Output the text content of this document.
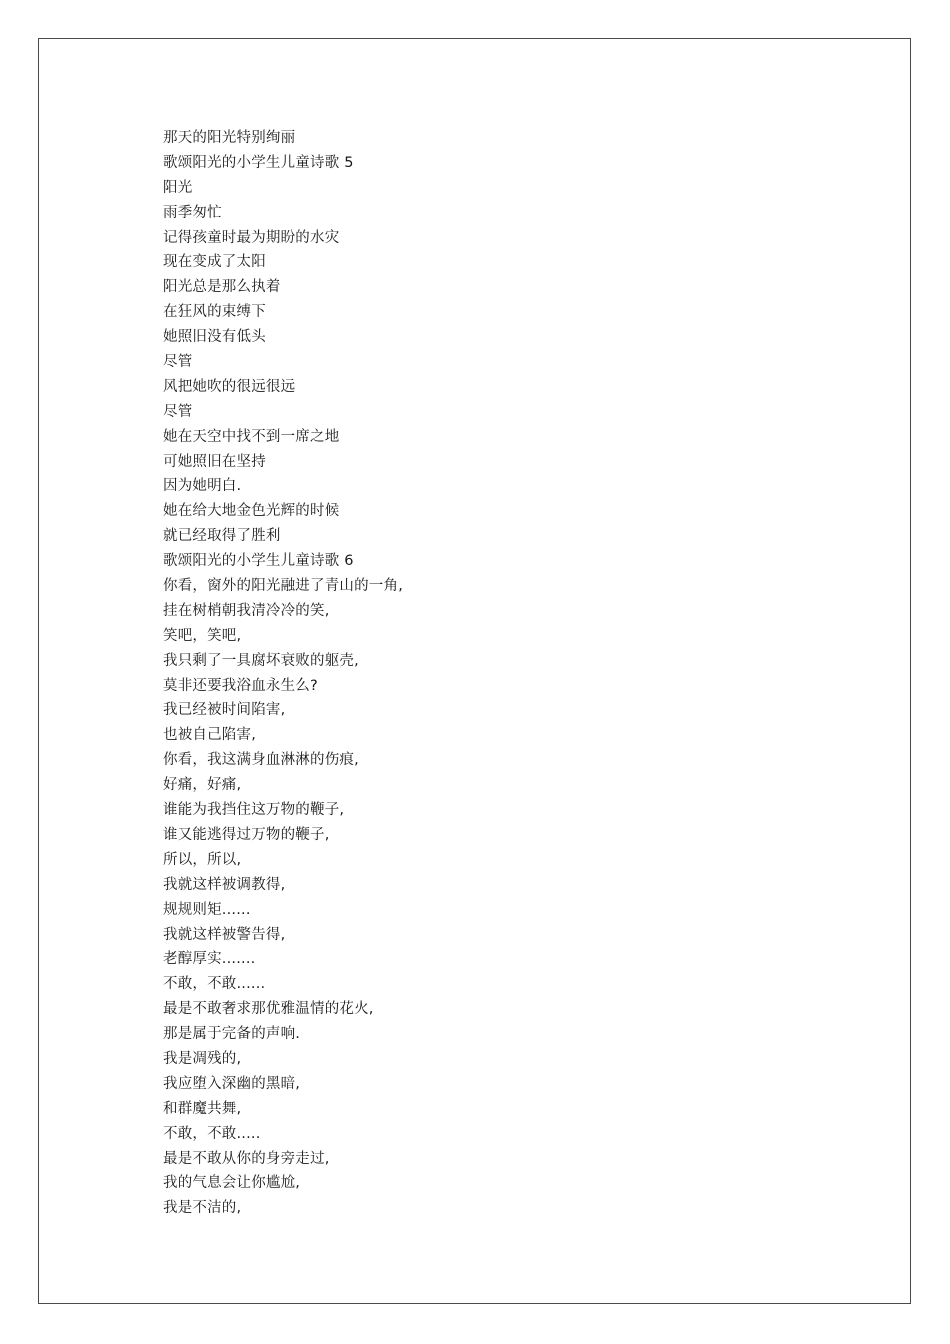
那天的阳光特别绚丽
歌颂阳光的小学生儿童诗歌 5
阳光
雨季匆忙
记得孩童时最为期盼的水灾
现在变成了太阳
阳光总是那么执着
在狂风的束缚下
她照旧没有低头
尽管
风把她吹的很远很远
尽管
她在天空中找不到一席之地
可她照旧在坚持
因为她明白.
她在给大地金色光辉的时候
就已经取得了胜利
歌颂阳光的小学生儿童诗歌 6
你看，窗外的阳光融进了青山的一角,
挂在树梢朝我清冷冷的笑,
笑吧，笑吧,
我只剩了一具腐坏衰败的躯壳,
莫非还要我浴血永生么?
我已经被时间陷害,
也被自己陷害,
你看，我这满身血淋淋的伤痕,
好痛，好痛,
谁能为我挡住这万物的鞭子,
谁又能逃得过万物的鞭子,
所以，所以,
我就这样被调教得,
规规则矩......
我就这样被警告得,
老醇厚实.......
不敢，不敢......
最是不敢奢求那优雅温情的花火,
那是属于完备的声响.
我是凋残的,
我应堕入深幽的黑暗,
和群魔共舞,
不敢，不敢.....
最是不敢从你的身旁走过,
我的气息会让你尴尬,
我是不洁的,
